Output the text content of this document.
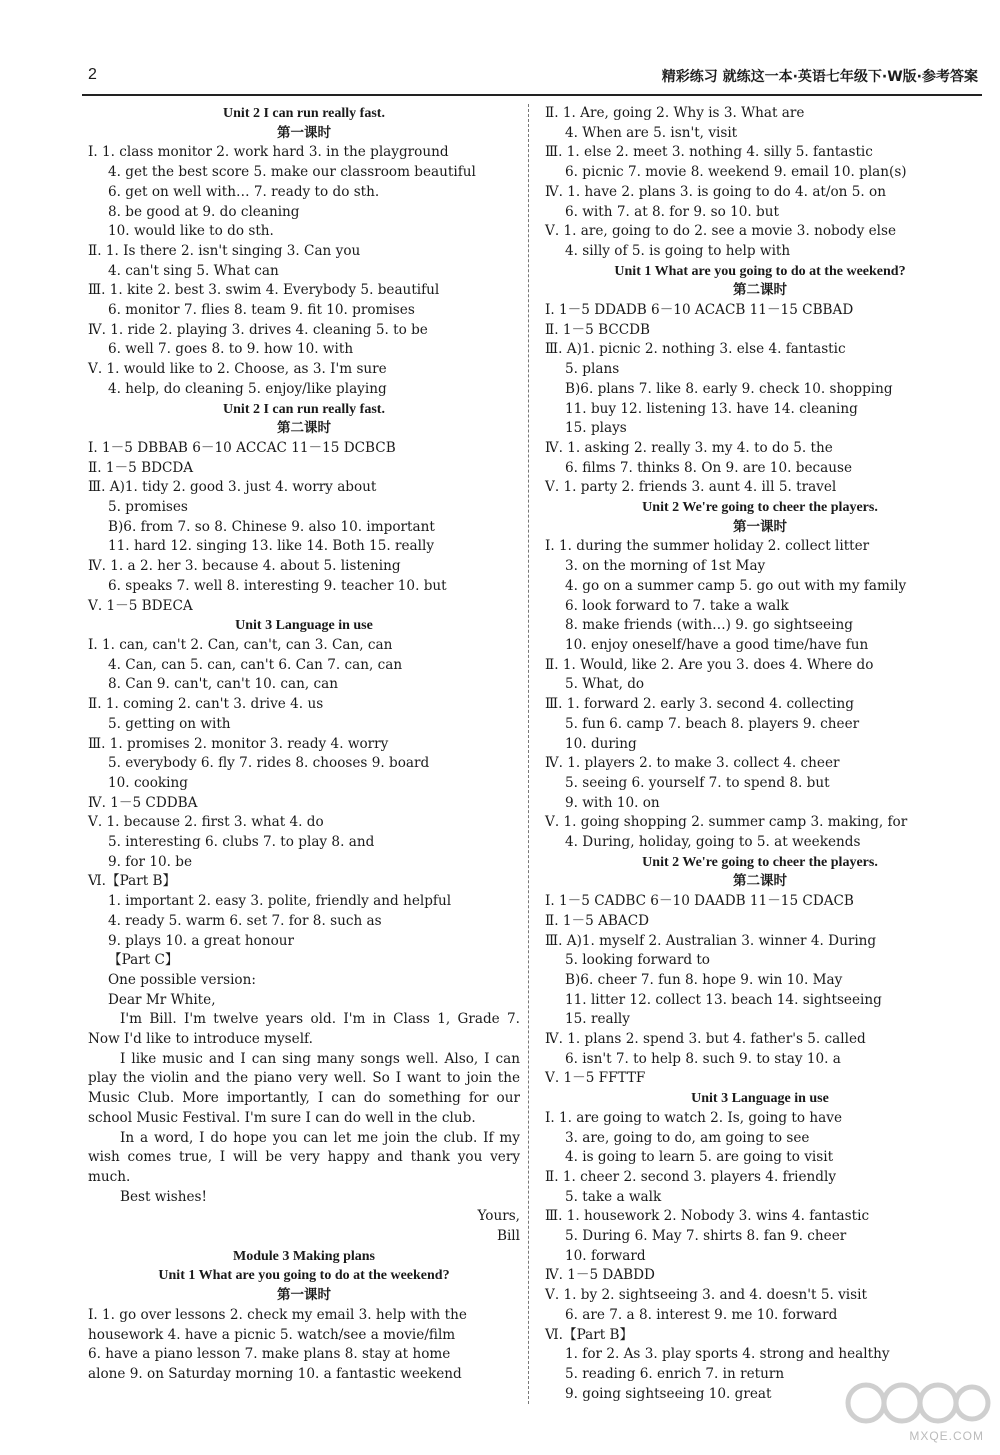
2	精彩练习 就练这一本·英语七年级下·W版·参考答案
Unit 2 I can run really fast.
第一课时
Ⅰ. 1. class monitor 2. work hard 3. in the playground
4. get the best score 5. make our classroom beautiful
6. get on well with… 7. ready to do sth.
8. be good at 9. do cleaning
10. would like to do sth.
Ⅱ. 1. Is there 2. isn't singing 3. Can you
4. can't sing 5. What can
Ⅲ. 1. kite 2. best 3. swim 4. Everybody 5. beautiful
6. monitor 7. flies 8. team 9. fit 10. promises
Ⅳ. 1. ride 2. playing 3. drives 4. cleaning 5. to be
6. well 7. goes 8. to 9. how 10. with
Ⅴ. 1. would like to 2. Choose, as 3. I'm sure
4. help, do cleaning 5. enjoy/like playing
Unit 2 I can run really fast.
第二课时
Ⅰ. 1－5 DBBAB 6－10 ACCAC 11－15 DCBCB
Ⅱ. 1－5 BDCDA
Ⅲ. A)1. tidy 2. good 3. just 4. worry about
5. promises
B)6. from 7. so 8. Chinese 9. also 10. important
11. hard 12. singing 13. like 14. Both 15. really
Ⅳ. 1. a 2. her 3. because 4. about 5. listening
6. speaks 7. well 8. interesting 9. teacher 10. but
Ⅴ. 1－5 BDECA
Unit 3 Language in use
Ⅰ. 1. can, can't 2. Can, can't, can 3. Can, can
4. Can, can 5. can, can't 6. Can 7. can, can
8. Can 9. can't, can't 10. can, can
Ⅱ. 1. coming 2. can't 3. drive 4. us
5. getting on with
Ⅲ. 1. promises 2. monitor 3. ready 4. worry
5. everybody 6. fly 7. rides 8. chooses 9. board
10. cooking
Ⅳ. 1－5 CDDBA
Ⅴ. 1. because 2. first 3. what 4. do
5. interesting 6. clubs 7. to play 8. and
9. for 10. be
Ⅵ.【Part B】
1. important 2. easy 3. polite, friendly and helpful
4. ready 5. warm 6. set 7. for 8. such as
9. plays 10. a great honour
【Part C】
One possible version:
Dear Mr White,
I'm Bill. I'm twelve years old. I'm in Class 1, Grade 7. Now I'd like to introduce myself.
I like music and I can sing many songs well. Also, I can play the violin and the piano very well. So I want to join the Music Club. More importantly, I can do something for our school Music Festival. I'm sure I can do well in the club.
In a word, I do hope you can let me join the club. If my wish comes true, I will be very happy and thank you very much.
Best wishes!
Yours,
Bill
Module 3 Making plans
Unit 1 What are you going to do at the weekend?
第一课时
Ⅰ. 1. go over lessons 2. check my email 3. help with the
housework 4. have a picnic 5. watch/see a movie/film
6. have a piano lesson 7. make plans 8. stay at home
alone 9. on Saturday morning 10. a fantastic weekend
Ⅱ. 1. Are, going 2. Why is 3. What are
4. When are 5. isn't, visit
Ⅲ. 1. else 2. meet 3. nothing 4. silly 5. fantastic
6. picnic 7. movie 8. weekend 9. email 10. plan(s)
Ⅳ. 1. have 2. plans 3. is going to do 4. at/on 5. on
6. with 7. at 8. for 9. so 10. but
Ⅴ. 1. are, going to do 2. see a movie 3. nobody else
4. silly of 5. is going to help with
Unit 1 What are you going to do at the weekend?
第二课时
Ⅰ. 1－5 DDADB 6－10 ACACB 11－15 CBBAD
Ⅱ. 1－5 BCCDB
Ⅲ. A)1. picnic 2. nothing 3. else 4. fantastic
5. plans
B)6. plans 7. like 8. early 9. check 10. shopping
11. buy 12. listening 13. have 14. cleaning
15. plays
Ⅳ. 1. asking 2. really 3. my 4. to do 5. the
6. films 7. thinks 8. On 9. are 10. because
Ⅴ. 1. party 2. friends 3. aunt 4. ill 5. travel
Unit 2 We're going to cheer the players.
第一课时
Ⅰ. 1. during the summer holiday 2. collect litter
3. on the morning of 1st May
4. go on a summer camp 5. go out with my family
6. look forward to 7. take a walk
8. make friends (with…) 9. go sightseeing
10. enjoy oneself/have a good time/have fun
Ⅱ. 1. Would, like 2. Are you 3. does 4. Where do
5. What, do
Ⅲ. 1. forward 2. early 3. second 4. collecting
5. fun 6. camp 7. beach 8. players 9. cheer
10. during
Ⅳ. 1. players 2. to make 3. collect 4. cheer
5. seeing 6. yourself 7. to spend 8. but
9. with 10. on
Ⅴ. 1. going shopping 2. summer camp 3. making, for
4. During, holiday, going to 5. at weekends
Unit 2 We're going to cheer the players.
第二课时
Ⅰ. 1－5 CADBC 6－10 DAADB 11－15 CDACB
Ⅱ. 1－5 ABACD
Ⅲ. A)1. myself 2. Australian 3. winner 4. During
5. looking forward to
B)6. cheer 7. fun 8. hope 9. win 10. May
11. litter 12. collect 13. beach 14. sightseeing
15. really
Ⅳ. 1. plans 2. spend 3. but 4. father's 5. called
6. isn't 7. to help 8. such 9. to stay 10. a
Ⅴ. 1－5 FFTTF
Unit 3 Language in use
Ⅰ. 1. are going to watch 2. Is, going to have
3. are, going to do, am going to see
4. is going to learn 5. are going to visit
Ⅱ. 1. cheer 2. second 3. players 4. friendly
5. take a walk
Ⅲ. 1. housework 2. Nobody 3. wins 4. fantastic
5. During 6. May 7. shirts 8. fan 9. cheer
10. forward
Ⅳ. 1－5 DABDD
Ⅴ. 1. by 2. sightseeing 3. and 4. doesn't 5. visit
6. are 7. a 8. interest 9. me 10. forward
Ⅵ.【Part B】
1. for 2. As 3. play sports 4. strong and healthy
5. reading 6. enrich 7. in return
9. going sightseeing 10. great
MXQE.COM
